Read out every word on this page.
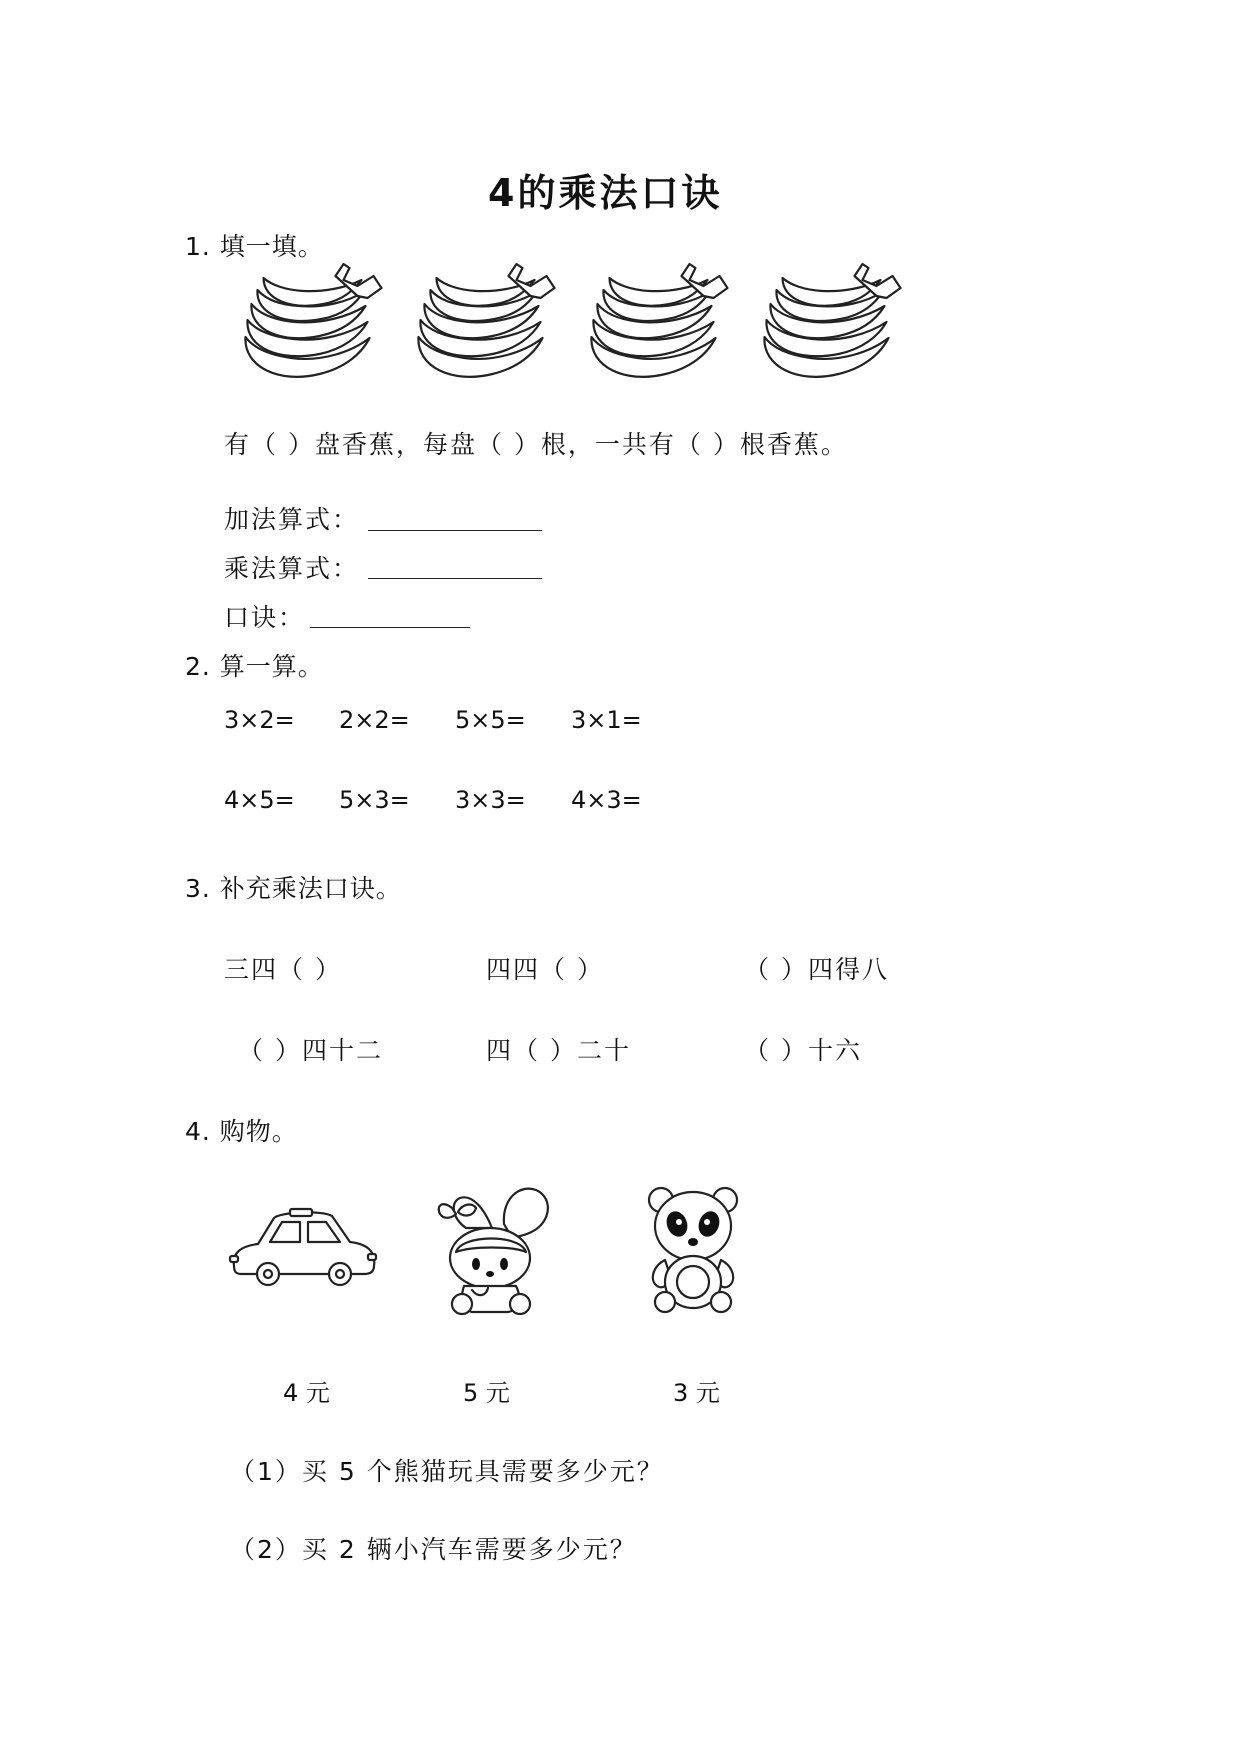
4的乘法口诀
1. 填一填。
有（ ）盘香蕉，每盘（ ）根，一共有（ ）根香蕉。
加法算式：
乘法算式：
口诀：
2. 算一算。
3×2= 2×2= 5×5= 3×1=
4×5= 5×3= 3×3= 4×3=
3. 补充乘法口诀。
三四（ ）	四四（ ）	（ ）四得八
（ ）四十二	四（ ）二十	（ ）十六
4. 购物。
4 元	5 元	3 元
（1）买 5 个熊猫玩具需要多少元？
（2）买 2 辆小汽车需要多少元？
